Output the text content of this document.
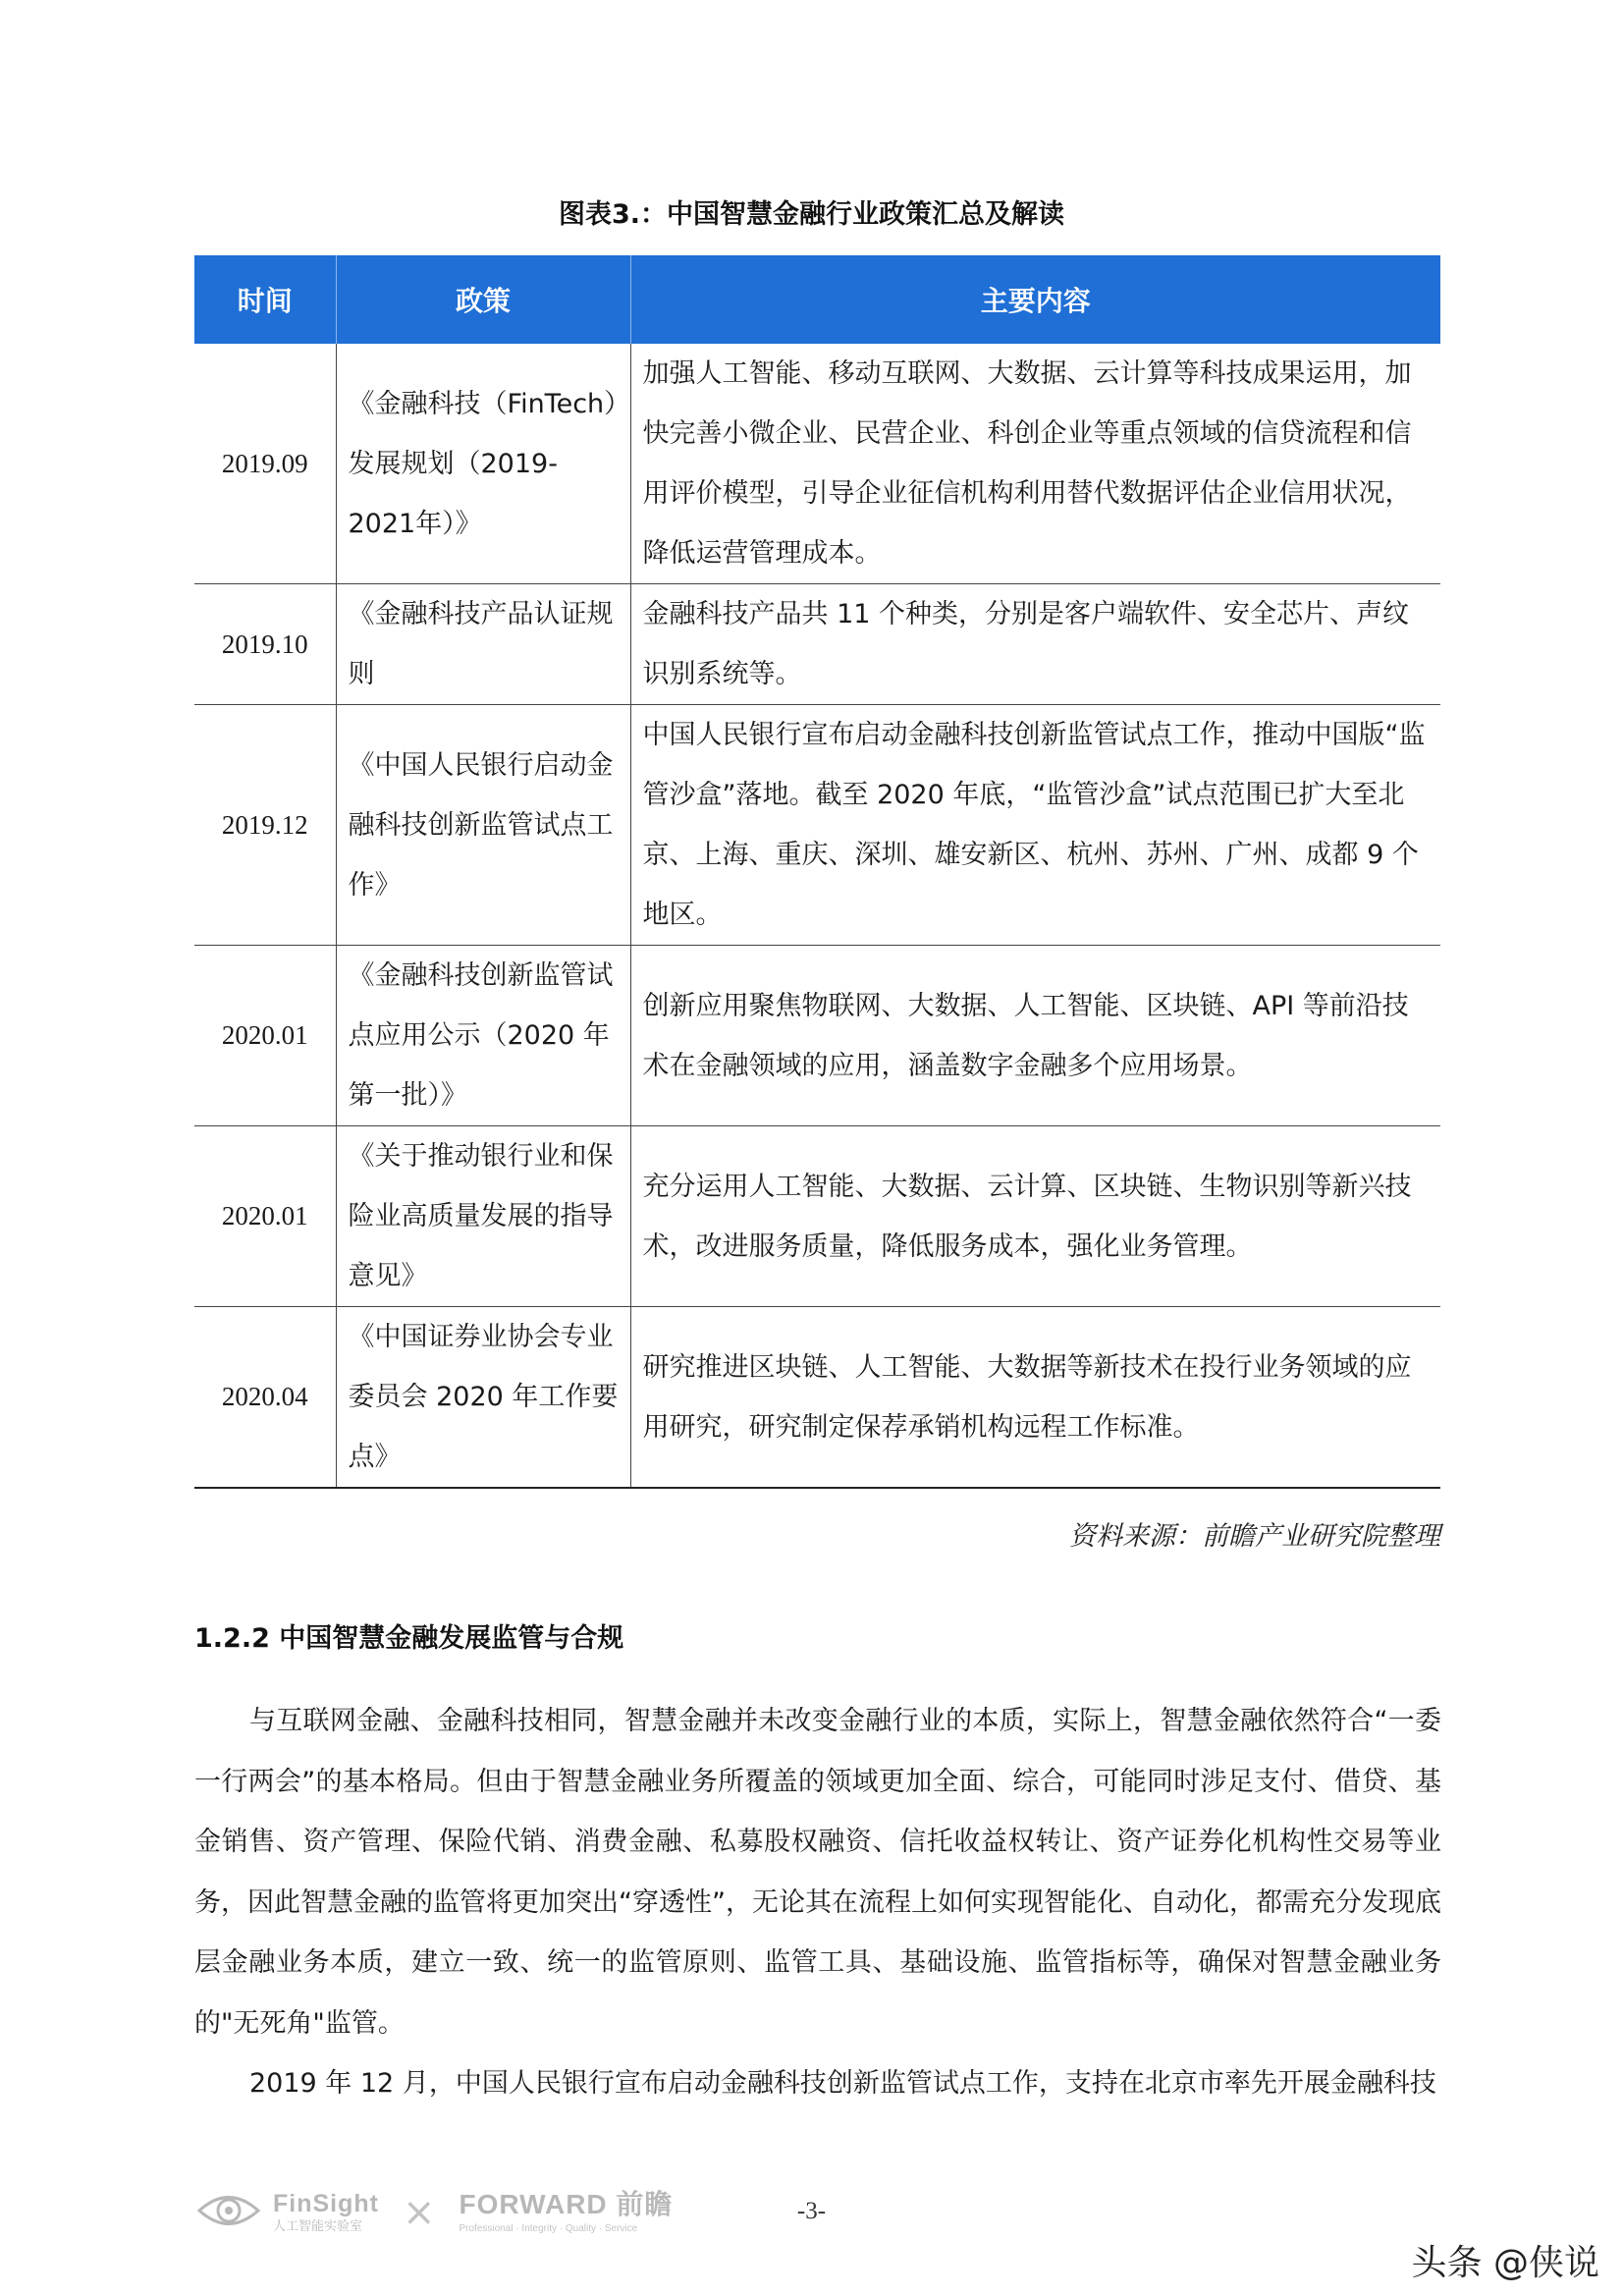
图表3.：中国智慧金融行业政策汇总及解读
时间	政策	主要内容
2019.09	《金融科技（FinTech）发展规划（2019-2021年）》	加强人工智能、移动互联网、大数据、云计算等科技成果运用，加快完善小微企业、民营企业、科创企业等重点领域的信贷流程和信用评价模型，引导企业征信机构利用替代数据评估企业信用状况，降低运营管理成本。
2019.10	《金融科技产品认证规则	金融科技产品共 11 个种类，分别是客户端软件、安全芯片、声纹识别系统等。
2019.12	《中国人民银行启动金融科技创新监管试点工作》	中国人民银行宣布启动金融科技创新监管试点工作，推动中国版“监管沙盒”落地。截至 2020 年底，“监管沙盒”试点范围已扩大至北京、上海、重庆、深圳、雄安新区、杭州、苏州、广州、成都 9 个地区。
2020.01	《金融科技创新监管试点应用公示（2020 年第一批）》	创新应用聚焦物联网、大数据、人工智能、区块链、API 等前沿技术在金融领域的应用，涵盖数字金融多个应用场景。
2020.01	《关于推动银行业和保险业高质量发展的指导意见》	充分运用人工智能、大数据、云计算、区块链、生物识别等新兴技术，改进服务质量，降低服务成本，强化业务管理。
2020.04	《中国证券业协会专业委员会 2020 年工作要点》	研究推进区块链、人工智能、大数据等新技术在投行业务领域的应用研究，研究制定保荐承销机构远程工作标准。
资料来源：前瞻产业研究院整理
1.2.2 中国智慧金融发展监管与合规

与互联网金融、金融科技相同，智慧金融并未改变金融行业的本质，实际上，智慧金融依然符合“一委一行两会”的基本格局。但由于智慧金融业务所覆盖的领域更加全面、综合，可能同时涉足支付、借贷、基金销售、资产管理、保险代销、消费金融、私募股权融资、信托收益权转让、资产证券化机构性交易等业务，因此智慧金融的监管将更加突出“穿透性”，无论其在流程上如何实现智能化、自动化，都需充分发现底层金融业务本质，建立一致、统一的监管原则、监管工具、基础设施、监管指标等，确保对智慧金融业务的"无死角"监管。

2019 年 12 月，中国人民银行宣布启动金融科技创新监管试点工作，支持在北京市率先开展金融科技

FinSight
人工智能实验室	× FORWARD 前瞻
Professional · Integrity · Quality · Service
-3-
头条 @侠说
